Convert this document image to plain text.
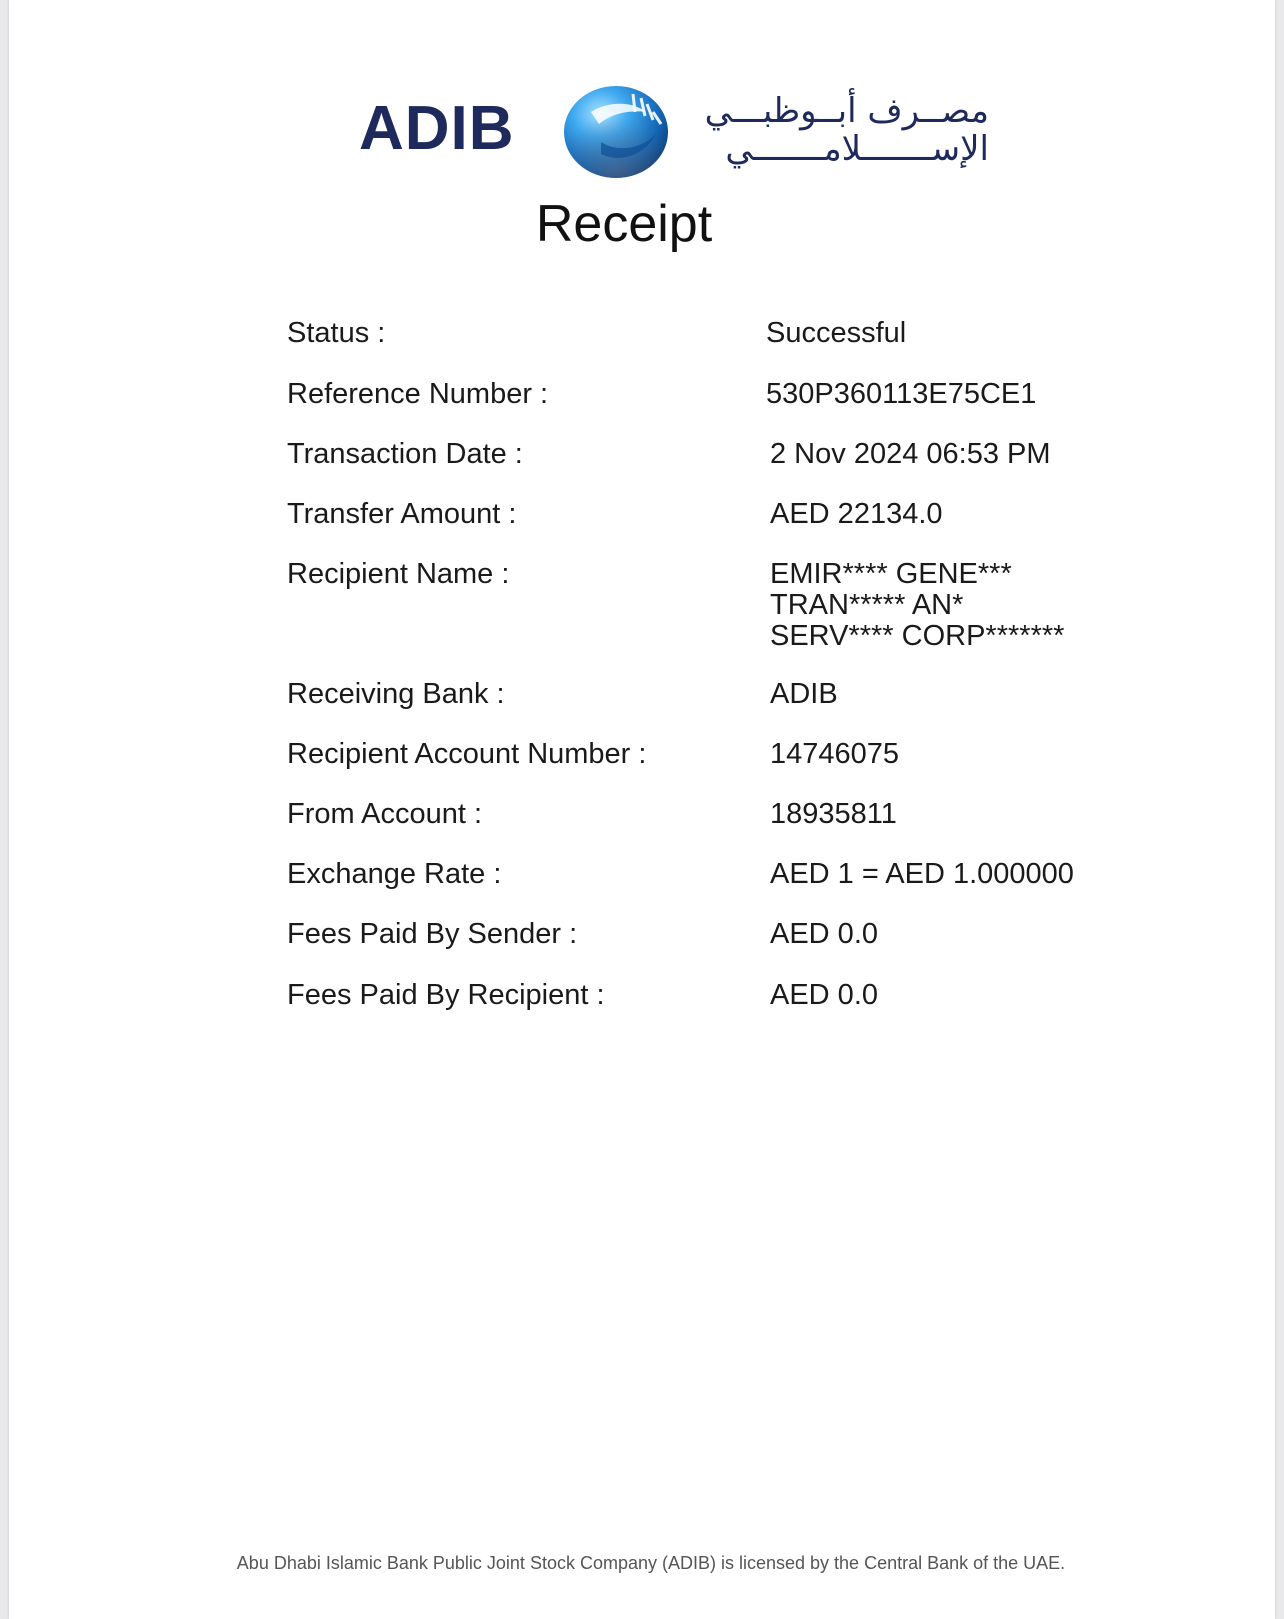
ADIB	مصــرف أبــوظبـــي
الإســـــــلامـــــــي
Receipt
Status :	Successful
Reference Number :	530P360113E75CE1
Transaction Date :	2 Nov 2024 06:53 PM
Transfer Amount :	AED 22134.0
Recipient Name :	EMIR**** GENE***
TRAN***** AN*
SERV**** CORP*******
Receiving Bank :	ADIB
Recipient Account Number :	14746075
From Account :	18935811
Exchange Rate :	AED 1 = AED 1.000000
Fees Paid By Sender :	AED 0.0
Fees Paid By Recipient :	AED 0.0
Abu Dhabi Islamic Bank Public Joint Stock Company (ADIB) is licensed by the Central Bank of the UAE.
